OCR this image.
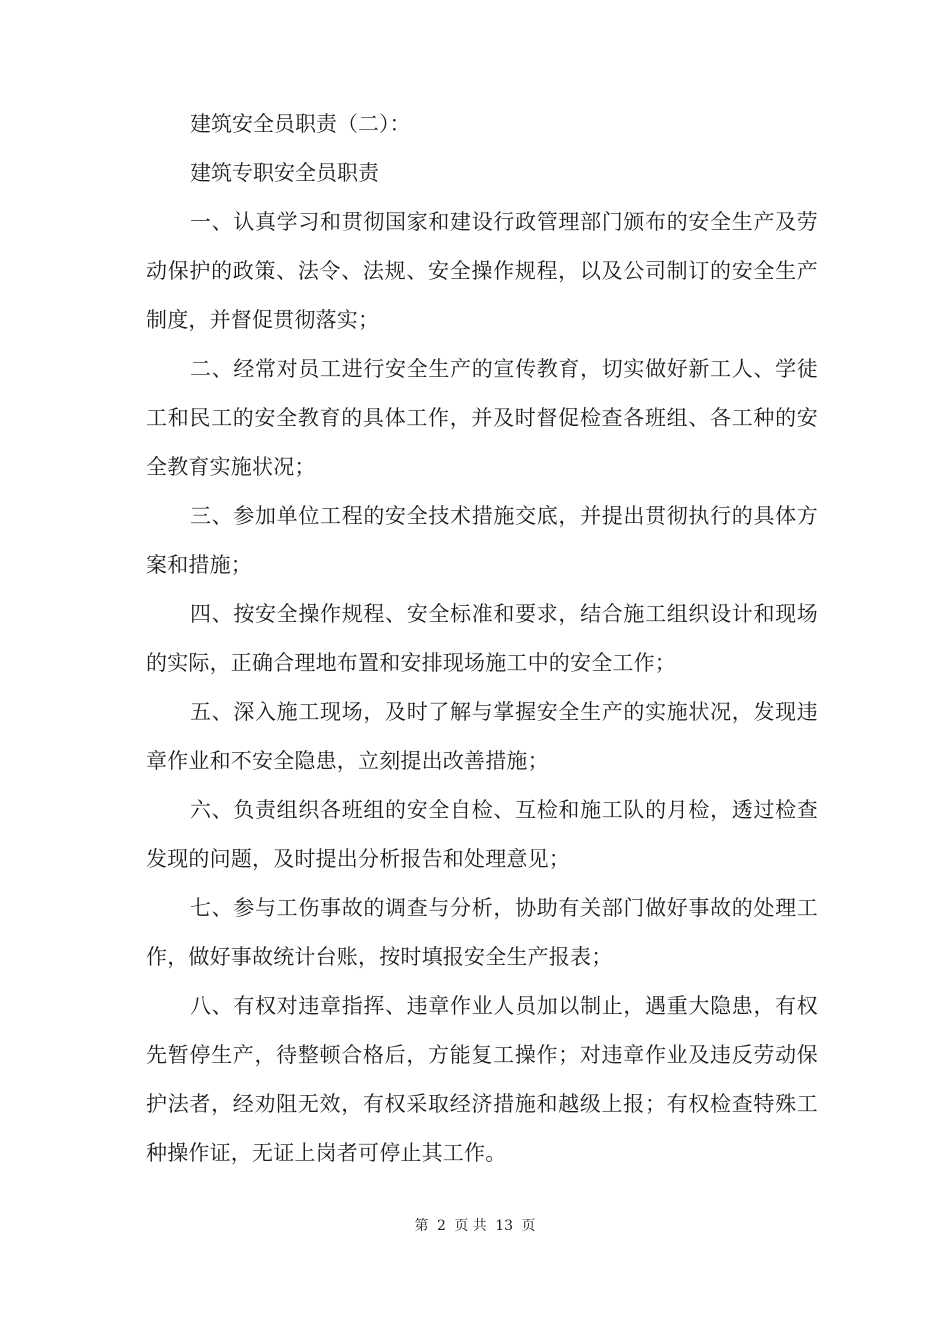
建筑安全员职责（二）：

建筑专职安全员职责

一、认真学习和贯彻国家和建设行政管理部门颁布的安全生产及劳动保护的政策、法令、法规、安全操作规程，以及公司制订的安全生产制度，并督促贯彻落实；

二、经常对员工进行安全生产的宣传教育，切实做好新工人、学徒工和民工的安全教育的具体工作，并及时督促检查各班组、各工种的安全教育实施状况；

三、参加单位工程的安全技术措施交底，并提出贯彻执行的具体方案和措施；

四、按安全操作规程、安全标准和要求，结合施工组织设计和现场的实际，正确合理地布置和安排现场施工中的安全工作；

五、深入施工现场，及时了解与掌握安全生产的实施状况，发现违章作业和不安全隐患，立刻提出改善措施；

六、负责组织各班组的安全自检、互检和施工队的月检，透过检查发现的问题，及时提出分析报告和处理意见；

七、参与工伤事故的调查与分析，协助有关部门做好事故的处理工作，做好事故统计台账，按时填报安全生产报表；

八、有权对违章指挥、违章作业人员加以制止，遇重大隐患，有权先暂停生产，待整顿合格后，方能复工操作；对违章作业及违反劳动保护法者，经劝阻无效，有权采取经济措施和越级上报；有权检查特殊工种操作证，无证上岗者可停止其工作。

第 2 页 共 13 页
